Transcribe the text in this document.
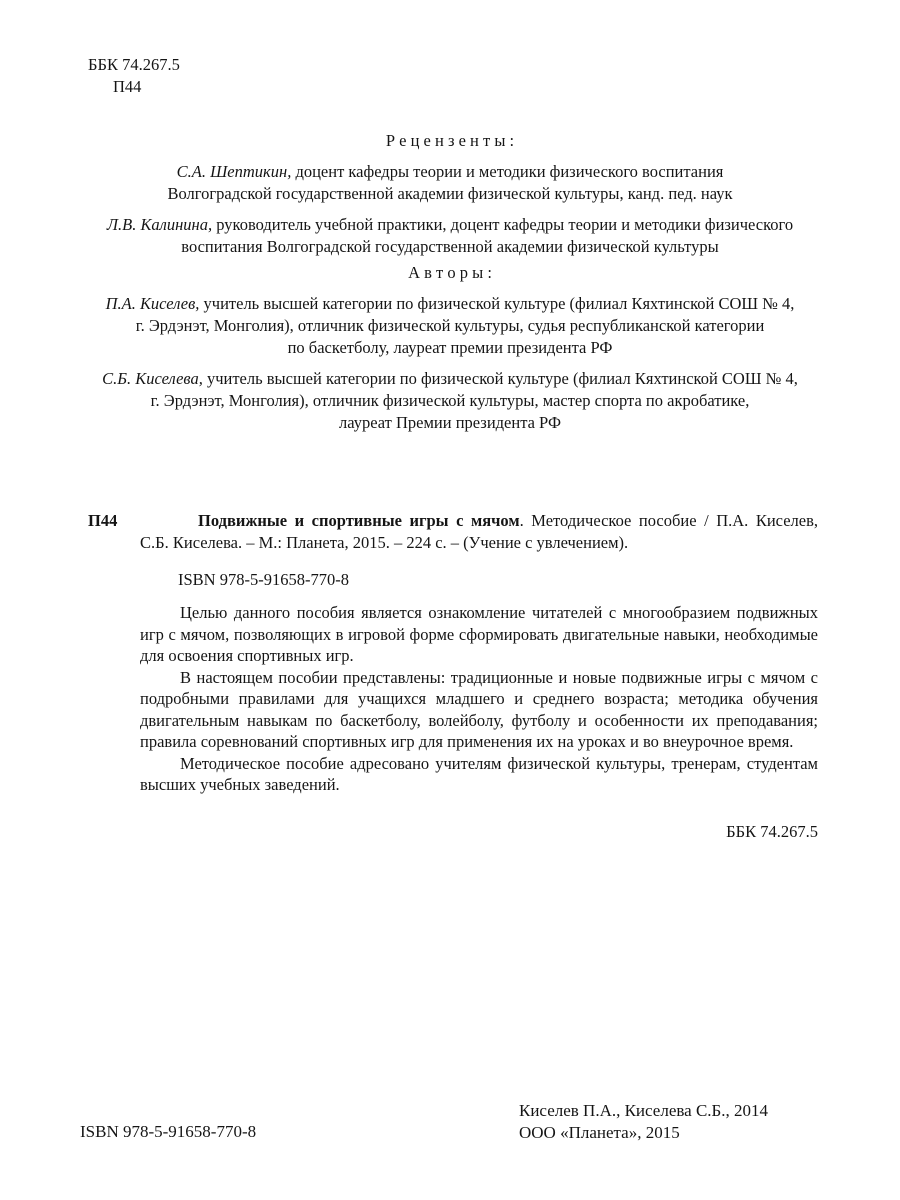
ББК 74.267.5
П44
Р е ц е н з е н т ы :
С.А. Шептикин, доцент кафедры теории и методики физического воспитания
Волгоградской государственной академии физической культуры, канд. пед. наук
Л.В. Калинина, руководитель учебной практики, доцент кафедры теории и методики физического
воспитания Волгоградской государственной академии физической культуры
А в т о р ы :
П.А. Киселев, учитель высшей категории по физической культуре (филиал Кяхтинской СОШ № 4,
г. Эрдэнэт, Монголия), отличник физической культуры, судья республиканской категории
по баскетболу, лауреат премии президента РФ
С.Б. Киселева, учитель высшей категории по физической культуре (филиал Кяхтинской СОШ № 4,
г. Эрдэнэт, Монголия), отличник физической культуры, мастер спорта по акробатике,
лауреат Премии президента РФ
П44	Подвижные и спортивные игры с мячом. Методическое пособие / П.А. Киселев,
С.Б. Киселева. – М.: Планета, 2015. – 224 с. – (Учение с увлечением).
ISBN 978-5-91658-770-8

Целью данного пособия является ознакомление читателей с многообразием подвижных игр с мячом, позволяющих в игровой форме сформировать двигательные навыки, необходимые для освоения спортивных игр.

В настоящем пособии представлены: традиционные и новые подвижные игры с мячом с подробными правилами для учащихся младшего и среднего возраста; методика обучения двигательным навыкам по баскетболу, волейболу, футболу и особенности их преподавания; правила соревнований спортивных игр для применения их на уроках и во внеурочное время.

Методическое пособие адресовано учителям физической культуры, тренерам, студентам высших учебных заведений.

ББК 74.267.5
ISBN 978-5-91658-770-8
Киселев П.А., Киселева С.Б., 2014
ООО «Планета», 2015
